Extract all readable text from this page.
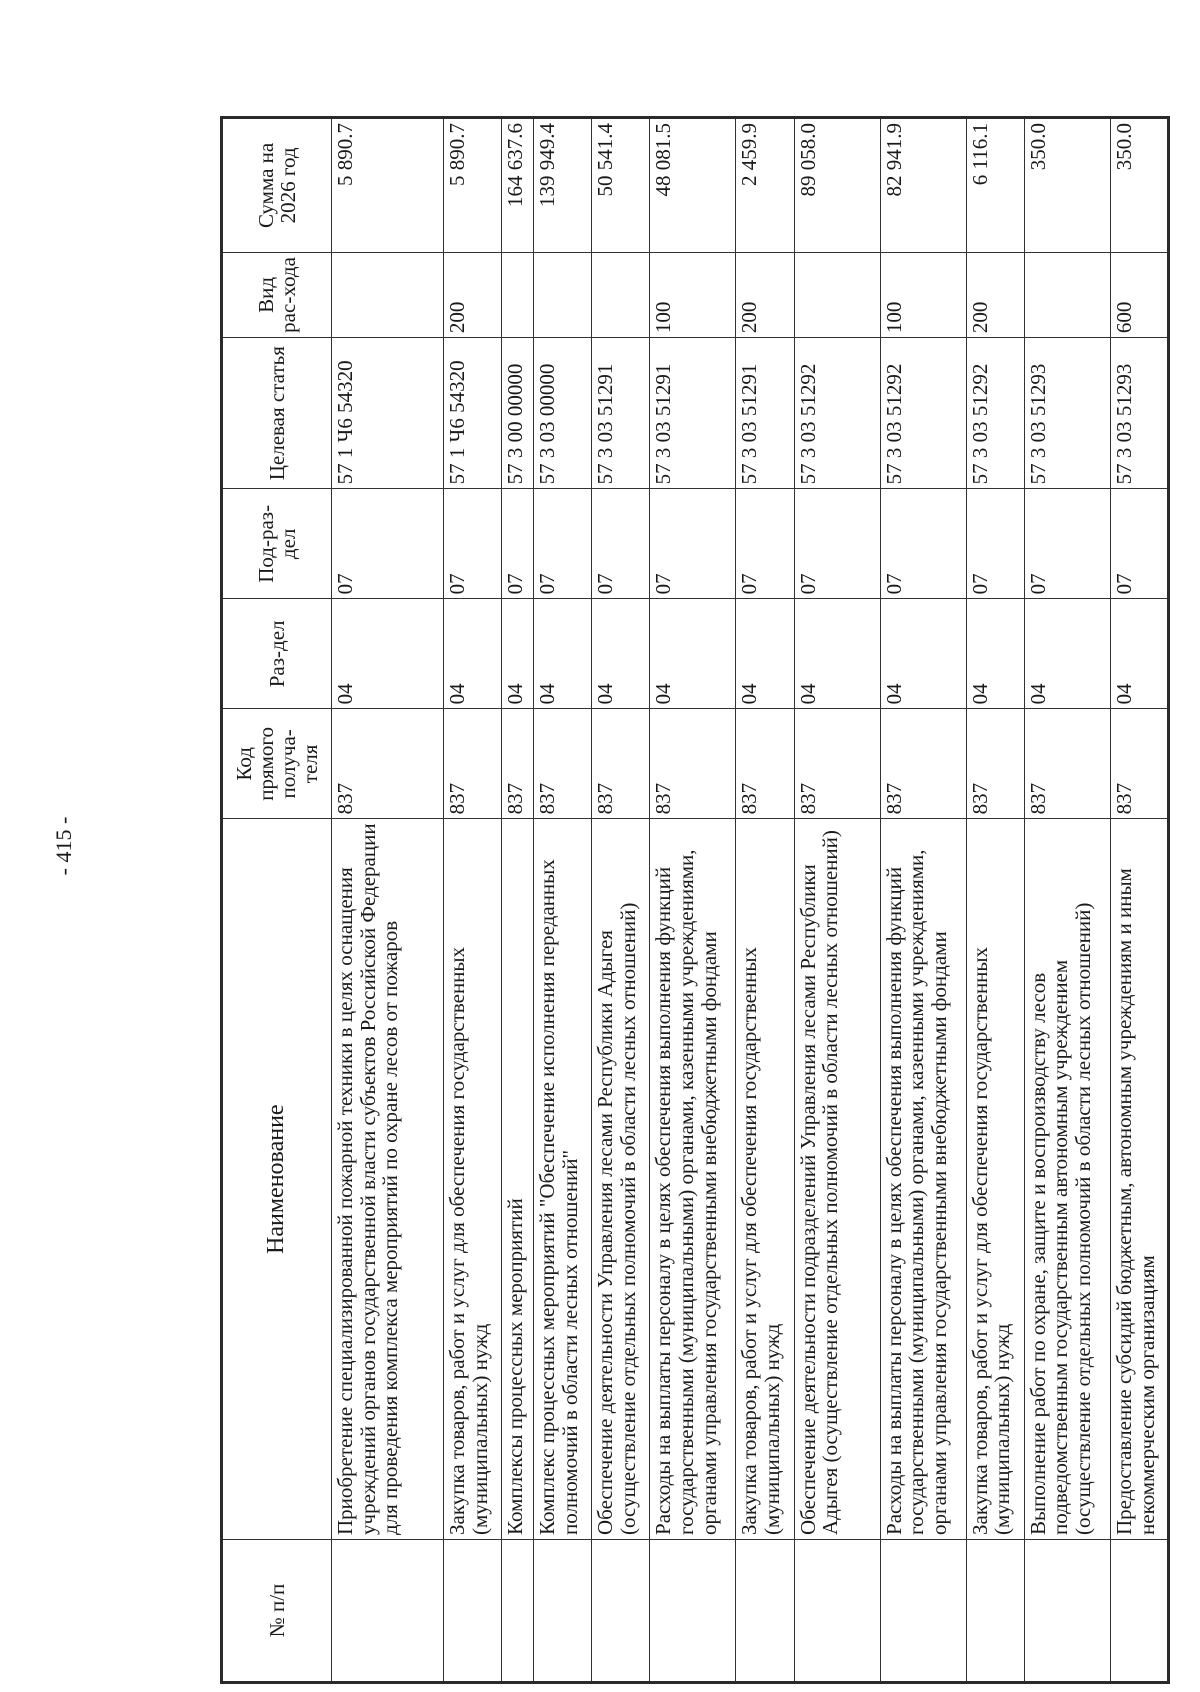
- 415 -
№ п/п	Наименование	Код прямого получа-теля	Раз-дел	Под-раз-дел	Целевая статья	Вид рас-хода	Сумма на 2026 год
	Приобретение специализированной пожарной техники в целях оснащения учреждений органов государственной власти субъектов Российской Федерации для проведения комплекса мероприятий по охране лесов от пожаров	837	04	07	57 1 Ч6 54320		5 890.7
	Закупка товаров, работ и услуг для обеспечения государственных (муниципальных) нужд	837	04	07	57 1 Ч6 54320	200	5 890.7
	Комплексы процессных мероприятий	837	04	07	57 3 00 00000		164 637.6
	Комплекс процессных мероприятий "Обеспечение исполнения переданных полномочий в области лесных отношений"	837	04	07	57 3 03 00000		139 949.4
	Обеспечение деятельности Управления лесами Республики Адыгея (осуществление отдельных полномочий в области лесных отношений)	837	04	07	57 3 03 51291		50 541.4
	Расходы на выплаты персоналу в целях обеспечения выполнения функций государственными (муниципальными) органами, казенными учреждениями, органами управления государственными внебюджетными фондами	837	04	07	57 3 03 51291	100	48 081.5
	Закупка товаров, работ и услуг для обеспечения государственных (муниципальных) нужд	837	04	07	57 3 03 51291	200	2 459.9
	Обеспечение деятельности подразделений Управления лесами Республики Адыгея (осуществление отдельных полномочий в области лесных отношений)	837	04	07	57 3 03 51292		89 058.0
	Расходы на выплаты персоналу в целях обеспечения выполнения функций государственными (муниципальными) органами, казенными учреждениями, органами управления государственными внебюджетными фондами	837	04	07	57 3 03 51292	100	82 941.9
	Закупка товаров, работ и услуг для обеспечения государственных (муниципальных) нужд	837	04	07	57 3 03 51292	200	6 116.1
	Выполнение работ по охране, защите и воспроизводству лесов подведомственным государственным автономным учреждением (осуществление отдельных полномочий в области лесных отношений)	837	04	07	57 3 03 51293		350.0
	Предоставление субсидий бюджетным, автономным учреждениям и иным некоммерческим организациям	837	04	07	57 3 03 51293	600	350.0
